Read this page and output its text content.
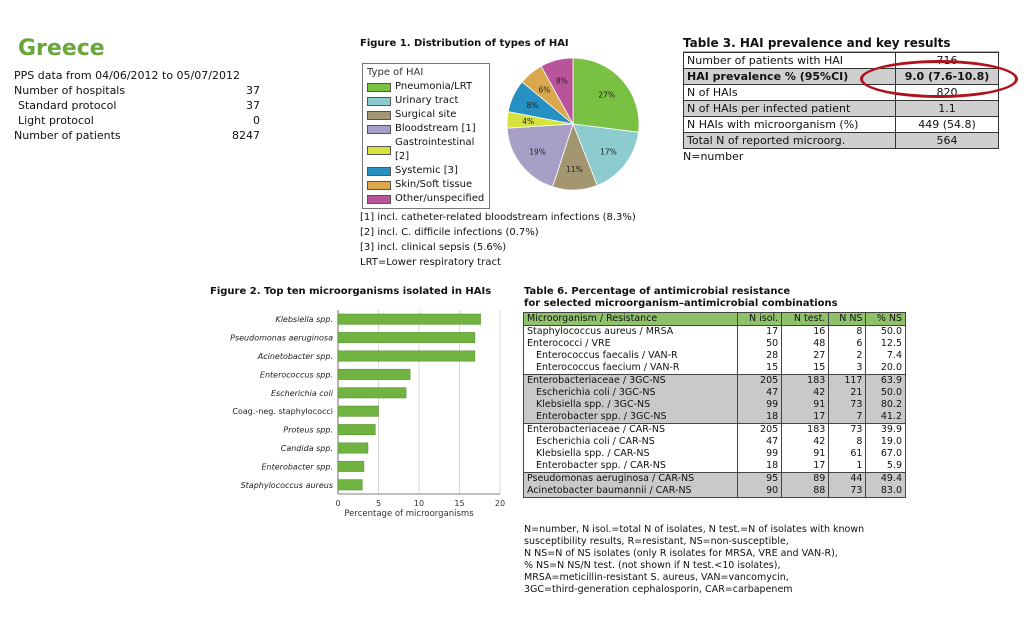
Greece
PPS data from 04/06/2012 to 05/07/2012
Number of hospitals	37
Standard protocol	37
Light protocol	0
Number of patients	8247
Figure 1. Distribution of types of HAI
Type of HAI
Pneumonia/LRT
Urinary tract
Surgical site
Bloodstream [1]
Gastrointestinal [2]
Systemic [3]
Skin/Soft tissue
Other/unspecified
27%
17%
11%
19%
4%
8%
6%
8%
[1] incl. catheter-related bloodstream infections (8.3%)
[2] incl. C. difficile infections (0.7%)
[3] incl. clinical sepsis (5.6%)
LRT=Lower respiratory tract
Table 3. HAI prevalence and key results
Number of patients with HAI	716
HAI prevalence % (95%CI)	9.0 (7.6-10.8)
N of HAIs	820
N of HAIs per infected patient	1.1
N HAIs with microorganism (%)	449 (54.8)
Total N of reported microorg.	564
N=number
Figure 2. Top ten microorganisms isolated in HAIs
0	5	10	15	20
Klebsiella spp.
Pseudomonas aeruginosa
Acinetobacter spp.
Enterococcus spp.
Escherichia coli
Coag.-neg. staphylococci
Proteus spp.
Candida spp.
Enterobacter spp.
Staphylococcus aureus
Percentage of microorganisms
Table 6. Percentage of antimicrobial resistance
for selected microorganism–antimicrobial combinations
Microorganism / Resistance	N isol.	N test.	N NS	% NS
Staphylococcus aureus / MRSA	17	16	8	50.0
Enterococci / VRE	50	48	6	12.5
Enterococcus faecalis / VAN-R	28	27	2	7.4
Enterococcus faecium / VAN-R	15	15	3	20.0
Enterobacteriaceae / 3GC-NS	205	183	117	63.9
Escherichia coli / 3GC-NS	47	42	21	50.0
Klebsiella spp. / 3GC-NS	99	91	73	80.2
Enterobacter spp. / 3GC-NS	18	17	7	41.2
Enterobacteriaceae / CAR-NS	205	183	73	39.9
Escherichia coli / CAR-NS	47	42	8	19.0
Klebsiella spp. / CAR-NS	99	91	61	67.0
Enterobacter spp. / CAR-NS	18	17	1	5.9
Pseudomonas aeruginosa / CAR-NS	95	89	44	49.4
Acinetobacter baumannii / CAR-NS	90	88	73	83.0
N=number, N isol.=total N of isolates, N test.=N of isolates with known
susceptibility results, R=resistant, NS=non-susceptible,
N NS=N of NS isolates (only R isolates for MRSA, VRE and VAN-R),
% NS=N NS/N test. (not shown if N test.<10 isolates),
MRSA=meticillin-resistant S. aureus, VAN=vancomycin,
3GC=third-generation cephalosporin, CAR=carbapenem
